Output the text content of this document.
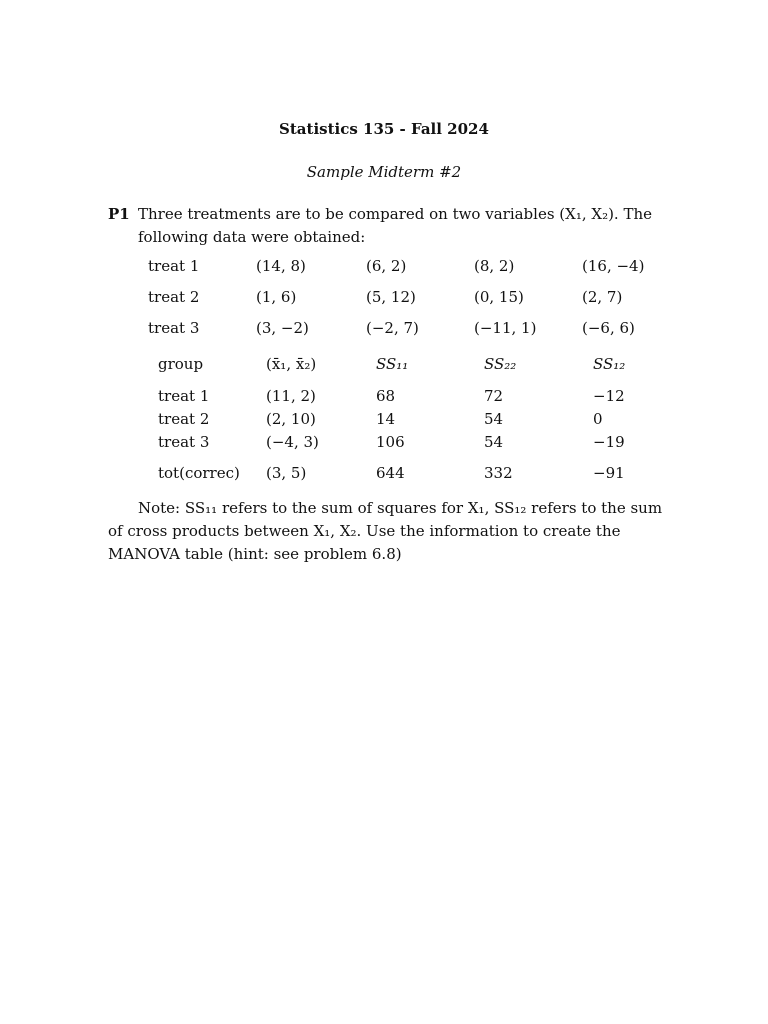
Statistics 135 - Fall 2024
Sample Midterm #2
P1 Three treatments are to be compared on two variables (X₁, X₂). The following data were obtained:
treat 1	(14, 8)	(6, 2)	(8, 2)	(16, −4)
treat 2	(1, 6)	(5, 12)	(0, 15)	(2, 7)
treat 3	(3, −2)	(−2, 7)	(−11, 1)	(−6, 6)
group	(x̄₁, x̄₂)	SS₁₁	SS₂₂	SS₁₂
treat 1	(11, 2)	68	72	−12
treat 2	(2, 10)	14	54	0
treat 3	(−4, 3)	106	54	−19
tot(correc) (3, 5)	644	332	−91
Note: SS₁₁ refers to the sum of squares for X₁, SS₁₂ refers to the sum of cross products between X₁, X₂. Use the information to create the MANOVA table (hint: see problem 6.8)
